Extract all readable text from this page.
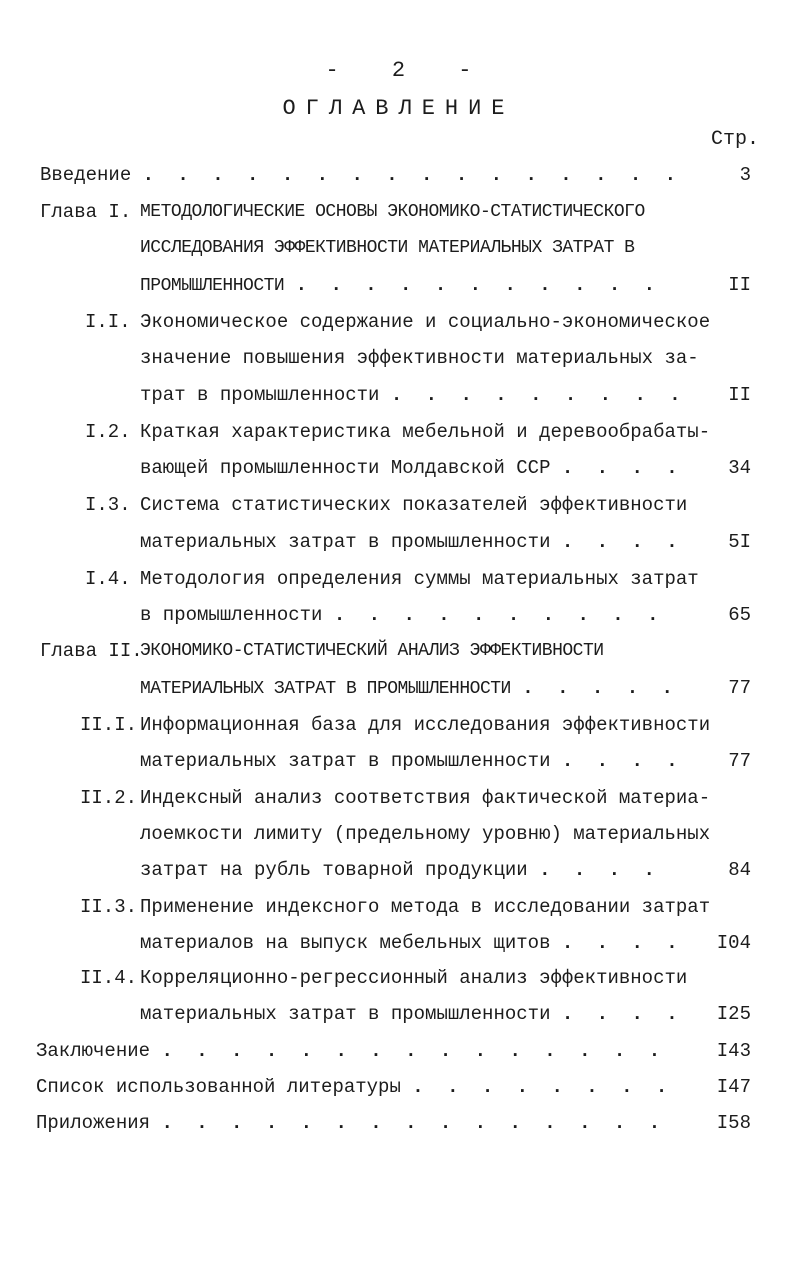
- 2 -
ОГЛАВЛЕНИЕ
Стр.
Введение . . . . . . . . . . . . . . . .	3
Глава I. МЕТОДОЛОГИЧЕСКИЕ ОСНОВЫ ЭКОНОМИКО-СТАТИСТИЧЕСКОГО
ИССЛЕДОВАНИЯ ЭФФЕКТИВНОСТИ МАТЕРИАЛЬНЫХ ЗАТРАТ В
ПРОМЫШЛЕННОСТИ . . . . . . . . . . .	II
I.I. Экономическое содержание и социально-экономическое
значение повышения эффективности материальных за-
трат в промышленности . . . . . . . . . II
I.2. Краткая характеристика мебельной и деревообрабаты-
вающей промышленности Молдавской ССР . . . . 34
I.3. Система статистических показателей эффективности
материальных затрат в промышленности . . . . 5I
I.4. Методология определения суммы материальных затрат
в промышленности . . . . . . . . . .	65
Глава II.
ЭКОНОМИКО-СТАТИСТИЧЕСКИЙ АНАЛИЗ ЭФФЕКТИВНОСТИ
МАТЕРИАЛЬНЫХ ЗАТРАТ В ПРОМЫШЛЕННОСТИ . . . . .	77
II.I. Информационная база для исследования эффективности
материальных затрат в промышленности . . . . 77
II.2. Индексный анализ соответствия фактической материа-
лоемкости лимиту (предельному уровню) материальных
затрат на рубль товарной продукции . . . .	84
II.3. Применение индексного метода в исследовании затрат
материалов на выпуск мебельных щитов . . . . I04
II.4. Корреляционно-регрессионный анализ эффективности
материальных затрат в промышленности . . . . I25
Заключение . . . . . . . . . . . . . . .	I43
Список использованной литературы . . . . . . . . I47
Приложения . . . . . . . . . . . . . . .	I58
